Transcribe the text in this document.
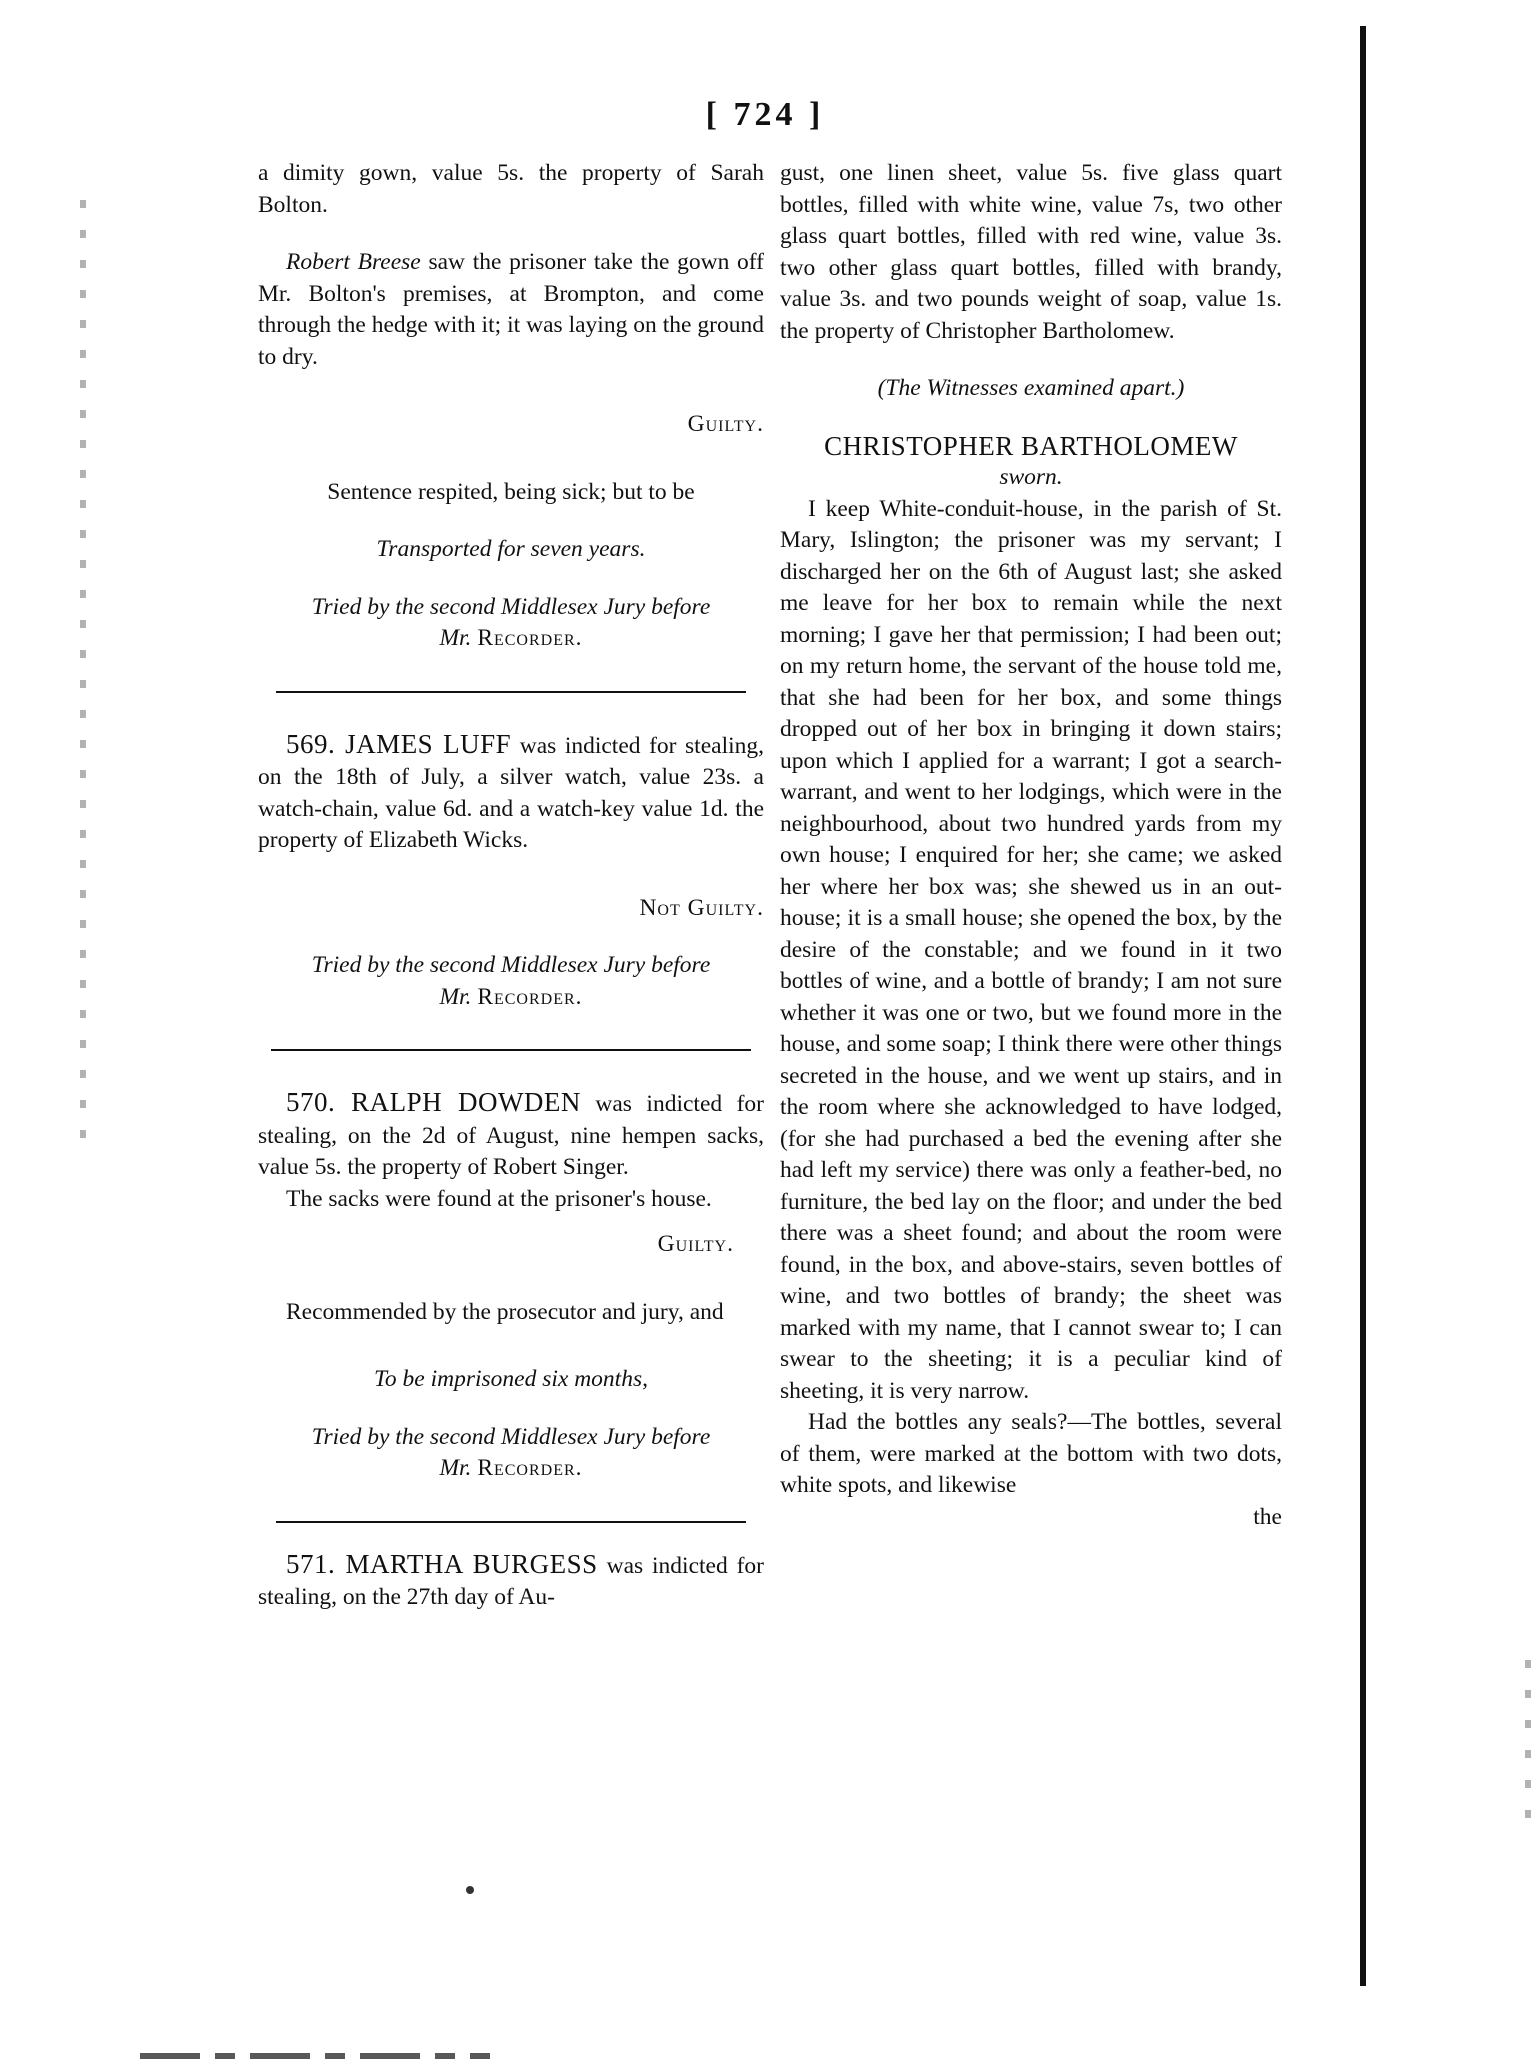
[ 724 ]

a dimity gown, value 5s. the property of Sarah Bolton.

Robert Breese saw the prisoner take the gown off Mr. Bolton's premises, at Brompton, and come through the hedge with it; it was laying on the ground to dry.

Guilty.

Sentence respited, being sick; but to be

Transported for seven years.

Tried by the second Middlesex Jury before

Mr. Recorder.

569. JAMES LUFF was indicted for stealing, on the 18th of July, a silver watch, value 23s. a watch-chain, value 6d. and a watch-key value 1d. the property of Elizabeth Wicks.

Not Guilty.

Tried by the second Middlesex Jury before

Mr. Recorder.

570. RALPH DOWDEN was indicted for stealing, on the 2d of August, nine hempen sacks, value 5s. the property of Robert Singer.

The sacks were found at the prisoner's house.

Guilty.

Recommended by the prosecutor and jury, and

To be imprisoned six months,

Tried by the second Middlesex Jury before

Mr. Recorder.

571. MARTHA BURGESS was indicted for stealing, on the 27th day of Au-

gust, one linen sheet, value 5s. five glass quart bottles, filled with white wine, value 7s, two other glass quart bottles, filled with red wine, value 3s. two other glass quart bottles, filled with brandy, value 3s. and two pounds weight of soap, value 1s. the property of Christopher Bartholomew.

(The Witnesses examined apart.)

CHRISTOPHER BARTHOLOMEW

sworn.

I keep White-conduit-house, in the parish of St. Mary, Islington; the prisoner was my servant; I discharged her on the 6th of August last; she asked me leave for her box to remain while the next morning; I gave her that permission; I had been out; on my return home, the servant of the house told me, that she had been for her box, and some things dropped out of her box in bringing it down stairs; upon which I applied for a warrant; I got a search-warrant, and went to her lodgings, which were in the neighbourhood, about two hundred yards from my own house; I enquired for her; she came; we asked her where her box was; she shewed us in an out-house; it is a small house; she opened the box, by the desire of the constable; and we found in it two bottles of wine, and a bottle of brandy; I am not sure whether it was one or two, but we found more in the house, and some soap; I think there were other things secreted in the house, and we went up stairs, and in the room where she acknowledged to have lodged, (for she had purchased a bed the evening after she had left my service) there was only a feather-bed, no furniture, the bed lay on the floor; and under the bed there was a sheet found; and about the room were found, in the box, and above-stairs, seven bottles of wine, and two bottles of brandy; the sheet was marked with my name, that I cannot swear to; I can swear to the sheeting; it is a peculiar kind of sheeting, it is very narrow.

Had the bottles any seals?—The bottles, several of them, were marked at the bottom with two dots, white spots, and likewise

the
